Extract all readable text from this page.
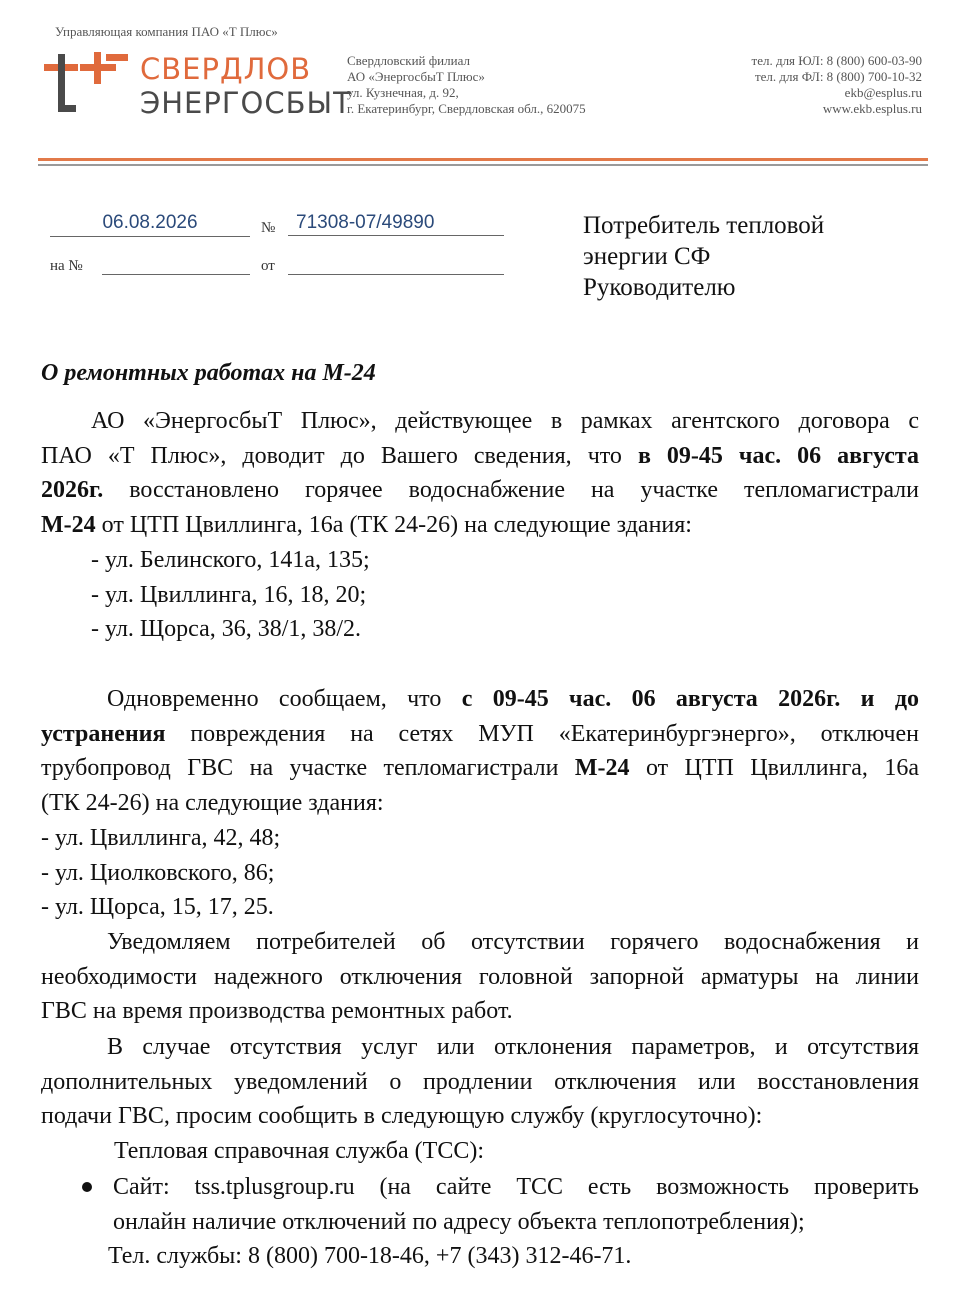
Управляющая компания ПАО «Т Плюс»
СВЕРДЛОВ
ЭНЕРГОСБЫТ
Свердловский филиал
АО «ЭнергосбыТ Плюс»
ул. Кузнечная, д. 92,
г. Екатеринбург, Свердловская обл., 620075
тел. для ЮЛ: 8 (800) 600-03-90
тел. для ФЛ: 8 (800) 700-10-32
ekb@esplus.ru
www.ekb.esplus.ru
06.08.2026	№	71308-07/49890
на №	от
Потребитель тепловой
энергии СФ
Руководителю
О ремонтных работах на М-24
АО «ЭнергосбыТ Плюс», действующее в рамках агентского договора с
ПАО «Т Плюс», доводит до Вашего сведения, что в 09-45 час. 06 августа
2026г. восстановлено горячее водоснабжение на участке тепломагистрали
М-24 от ЦТП Цвиллинга, 16а (ТК 24-26) на следующие здания:
- ул. Белинского, 141а, 135;
- ул. Цвиллинга, 16, 18, 20;
- ул. Щорса, 36, 38/1, 38/2.
Одновременно сообщаем, что с 09-45 час. 06 августа 2026г. и до
устранения повреждения на сетях МУП «Екатеринбургэнерго», отключен
трубопровод ГВС на участке тепломагистрали М-24 от ЦТП Цвиллинга, 16а
(ТК 24-26) на следующие здания:
- ул. Цвиллинга, 42, 48;
- ул. Циолковского, 86;
- ул. Щорса, 15, 17, 25.
Уведомляем потребителей об отсутствии горячего водоснабжения и
необходимости надежного отключения головной запорной арматуры на линии
ГВС на время производства ремонтных работ.
В случае отсутствия услуг или отклонения параметров, и отсутствия
дополнительных уведомлений о продлении отключения или восстановления
подачи ГВС, просим сообщить в следующую службу (круглосуточно):
Тепловая справочная служба (ТСС):
Сайт: tss.tplusgroup.ru (на сайте ТСС есть возможность проверить
онлайн наличие отключений по адресу объекта теплопотребления);
Тел. службы: 8 (800) 700-18-46, +7 (343) 312-46-71.
